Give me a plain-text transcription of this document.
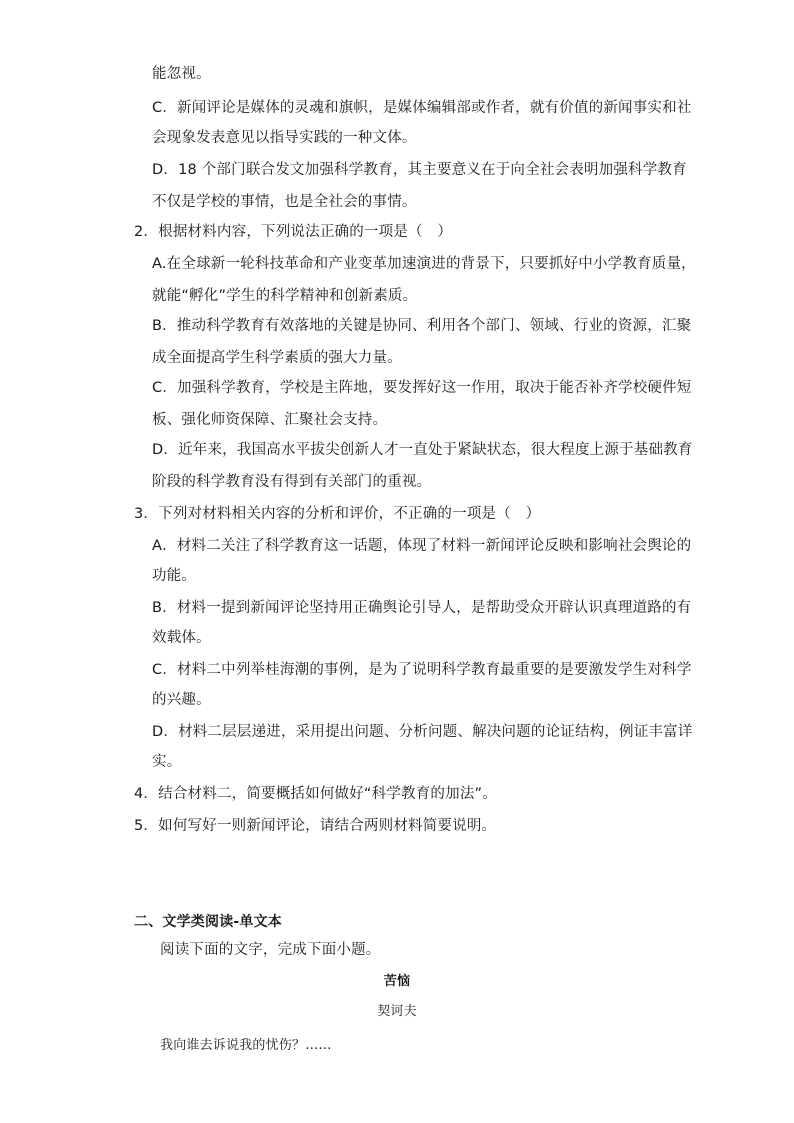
能忽视。
C．新闻评论是媒体的灵魂和旗帜，是媒体编辑部或作者，就有价值的新闻事实和社
会现象发表意见以指导实践的一种文体。
D．18 个部门联合发文加强科学教育，其主要意义在于向全社会表明加强科学教育
不仅是学校的事情，也是全社会的事情。
2．根据材料内容，下列说法正确的一项是（　）
A.在全球新一轮科技革命和产业变革加速演进的背景下，只要抓好中小学教育质量，
就能“孵化”学生的科学精神和创新素质。
B．推动科学教育有效落地的关键是协同、利用各个部门、领域、行业的资源，汇聚
成全面提高学生科学素质的强大力量。
C．加强科学教育，学校是主阵地，要发挥好这一作用，取决于能否补齐学校硬件短
板、强化师资保障、汇聚社会支持。
D．近年来，我国高水平拔尖创新人才一直处于紧缺状态，很大程度上源于基础教育
阶段的科学教育没有得到有关部门的重视。
3．下列对材料相关内容的分析和评价，不正确的一项是（　）
A．材料二关注了科学教育这一话题，体现了材料一新闻评论反映和影响社会舆论的
功能。
B．材料一提到新闻评论坚持用正确舆论引导人，是帮助受众开辟认识真理道路的有
效载体。
C．材料二中列举桂海潮的事例，是为了说明科学教育最重要的是要激发学生对科学
的兴趣。
D．材料二层层递进，采用提出问题、分析问题、解决问题的论证结构，例证丰富详
实。
4．结合材料二，简要概括如何做好“科学教育的加法”。
5．如何写好一则新闻评论，请结合两则材料简要说明。
二、文学类阅读-单文本
阅读下面的文字，完成下面小题。
苦恼
契诃夫
我向谁去诉说我的忧伤？……
